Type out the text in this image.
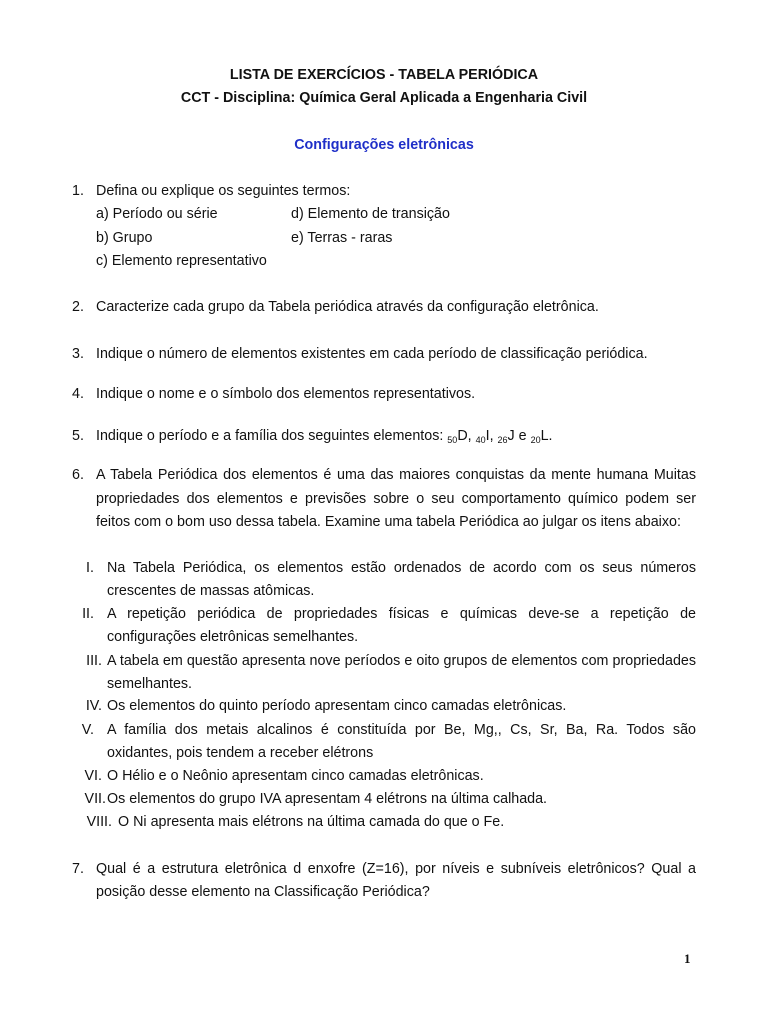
LISTA DE EXERCÍCIOS - TABELA PERIÓDICA
CCT - Disciplina: Química Geral Aplicada a Engenharia Civil
Configurações eletrônicas
1. Defina ou explique os seguintes termos:
a) Período ou série	d) Elemento de transição
b) Grupo	e) Terras - raras
c) Elemento representativo
2. Caracterize cada grupo da Tabela periódica através da configuração eletrônica.
3. Indique o número de elementos existentes em cada período de classificação periódica.
4. Indique o nome e o símbolo dos elementos representativos.
5. Indique o período e a família dos seguintes elementos: $_{50}$D, $_{40}$I, $_{26}$J e $_{20}$L.
6. A Tabela Periódica dos elementos é uma das maiores conquistas da mente humana Muitas
propriedades dos elementos e previsões sobre o seu comportamento químico podem ser
feitos com o bom uso dessa tabela. Examine uma tabela Periódica ao julgar os itens abaixo:
I. Na Tabela Periódica, os elementos estão ordenados de acordo com os seus números
crescentes de massas atômicas.
II. A repetição periódica de propriedades físicas e químicas deve-se a repetição de
configurações eletrônicas semelhantes.
III. A tabela em questão apresenta nove períodos e oito grupos de elementos com propriedades
semelhantes.
IV. Os elementos do quinto período apresentam cinco camadas eletrônicas.
V. A família dos metais alcalinos é constituída por Be, Mg,, Cs, Sr, Ba, Ra. Todos são
oxidantes, pois tendem a receber elétrons
VI. O Hélio e o Neônio apresentam cinco camadas eletrônicas.
VII. Os elementos do grupo IVA apresentam 4 elétrons na última calhada.
VIII. O Ni apresenta mais elétrons na última camada do que o Fe.
7. Qual é a estrutura eletrônica d enxofre (Z=16), por níveis e subníveis eletrônicos? Qual a
posição desse elemento na Classificação Periódica?
1
